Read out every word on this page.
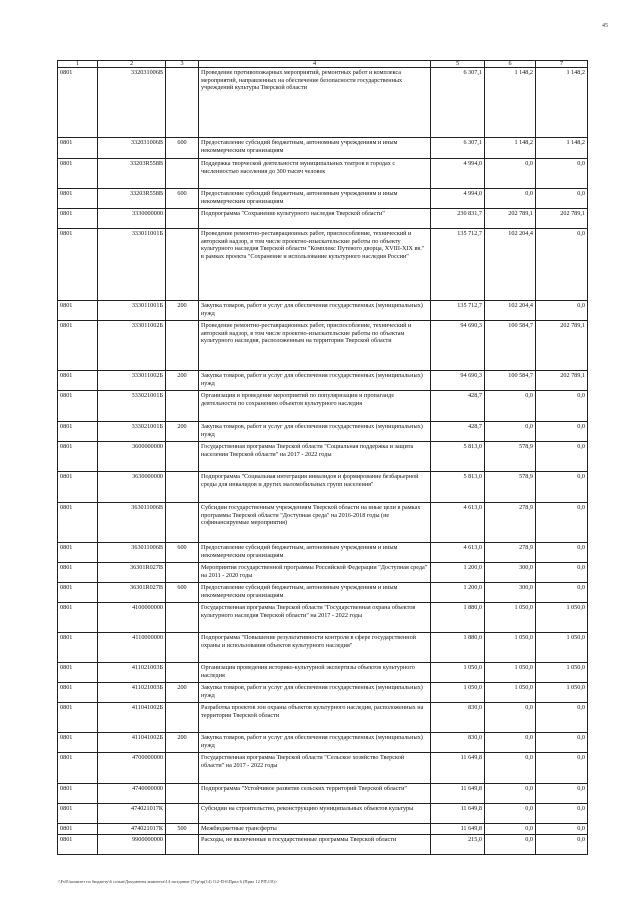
45
1	2	3	4	5	6	7
0801	332031006В		Проведение противопожарных мероприятий, ремонтных работ и комплекса мероприятий, направленных на обеспечение безопасности государственных учреждений культуры Тверской области	6 307,1	1 148,2	1 148,2
0801	332031006В	600	Предоставление субсидий бюджетным, автономным учреждениям и иным некоммерческим организациям	6 307,1	1 148,2	1 148,2
0801	33203R558В		Поддержка творческой деятельности муниципальных театров в городах с численностью населения до 300 тысяч человек	4 994,0	0,0	0,0
0801	33203R558В	600	Предоставление субсидий бюджетным, автономным учреждениям и иным некоммерческим организациям	4 994,0	0,0	0,0
0801	3330000000		Подпрограмма "Сохранение культурного наследия Тверской области"	230 831,7	202 789,1	202 789,1
0801	333011001Б		Проведение ремонтно-реставрационных работ, приспособление, технический и авторский надзор, в том числе проектно-изыскательские работы по объекту культурного наследия Тверской области "Комплекс Путевого дворца, XVIII-XIX вв." в рамках проекта "Сохранение и использование культурного наследия России"	135 712,7	102 204,4	0,0
0801	333011001Б	200	Закупка товаров, работ и услуг для обеспечения государственных (муниципальных) нужд	135 712,7	102 204,4	0,0
0801	333011002Б		Проведение ремонтно-реставрационных работ, приспособление, технический и авторский надзор, в том числе проектно-изыскательские работы по объектам культурного наследия, расположенным на территории Тверской области	94 690,3	100 584,7	202 789,1
0801	333011002Б	200	Закупка товаров, работ и услуг для обеспечения государственных (муниципальных) нужд	94 690,3	100 584,7	202 789,1
0801	333021001Б		Организация и проведение мероприятий по популяризации и пропаганде деятельности по сохранению объектов культурного наследия	428,7	0,0	0,0
0801	333021001Б	200	Закупка товаров, работ и услуг для обеспечения государственных (муниципальных) нужд	428,7	0,0	0,0
0801	3600000000		Государственная программа Тверской области "Социальная поддержка и защита населения Тверской области" на 2017 - 2022 годы	5 813,0	578,9	0,0
0801	3630000000		Подпрограмма "Социальная интеграция инвалидов и формирование безбарьерной среды для инвалидов и других маломобильных групп населения"	5 813,0	578,9	0,0
0801	363011006В		Субсидии государственным учреждениям Тверской области на иные цели в рамках программы Тверской области "Доступная среда" на 2016-2018 годы (не софинансируемые мероприятия)	4 613,0	278,9	0,0
0801	363011006В	600	Предоставление субсидий бюджетным, автономным учреждениям и иным некоммерческим организациям	4 613,0	278,9	0,0
0801	36301R027В		Мероприятия государственной программы Российской Федерации "Доступная среда" на 2011 - 2020 годы	1 200,0	300,0	0,0
0801	36301R027В	600	Предоставление субсидий бюджетным, автономным учреждениям и иным некоммерческим организациям	1 200,0	300,0	0,0
0801	4100000000		Государственная программа Тверской области "Государственная охрана объектов культурного наследия Тверской области" на 2017 - 2022 годы	1 880,0	1 050,0	1 050,0
0801	4110000000		Подпрограмма "Повышение результативности контроля в сфере государственной охраны и использования объектов культурного наследия"	1 880,0	1 050,0	1 050,0
0801	411021003Б		Организация проведения историко-культурной экспертизы объектов культурного наследия	1 050,0	1 050,0	1 050,0
0801	411021003Б	200	Закупка товаров, работ и услуг для обеспечения государственных (муниципальных) нужд	1 050,0	1 050,0	1 050,0
0801	411041002Б		Разработка проектов зон охраны объектов культурного наследия, расположенных на территории Тверской области	830,0	0,0	0,0
0801	411041002Б	200	Закупка товаров, работ и услуг для обеспечения государственных (муниципальных) нужд	830,0	0,0	0,0
0801	4700000000		Государственная программа Тверской области "Сельское хозяйство Тверской области" на 2017 - 2022 годы	11 649,8	0,0	0,0
0801	4740000000		Подпрограмма "Устойчивое развитие сельских территорий Тверской области"	11 649,8	0,0	0,0
0801	474021017К		Субсидии на строительство, реконструкцию муниципальных объектов культуры	11 649,8	0,0	0,0
0801	474021017К	500	Межбюджетные трансферты	11 649,8	0,0	0,0
0801	9900000000		Расходы, не включенные в государственные программы Тверской области	215,0	0,0	0,0
\\Fs01\комитет по бюджету\6 созыв\Документы комитета\14 заседание (7)\р\зр(14) 112-П-6\Прил 6 (Прил 12 РП\1\8)>
